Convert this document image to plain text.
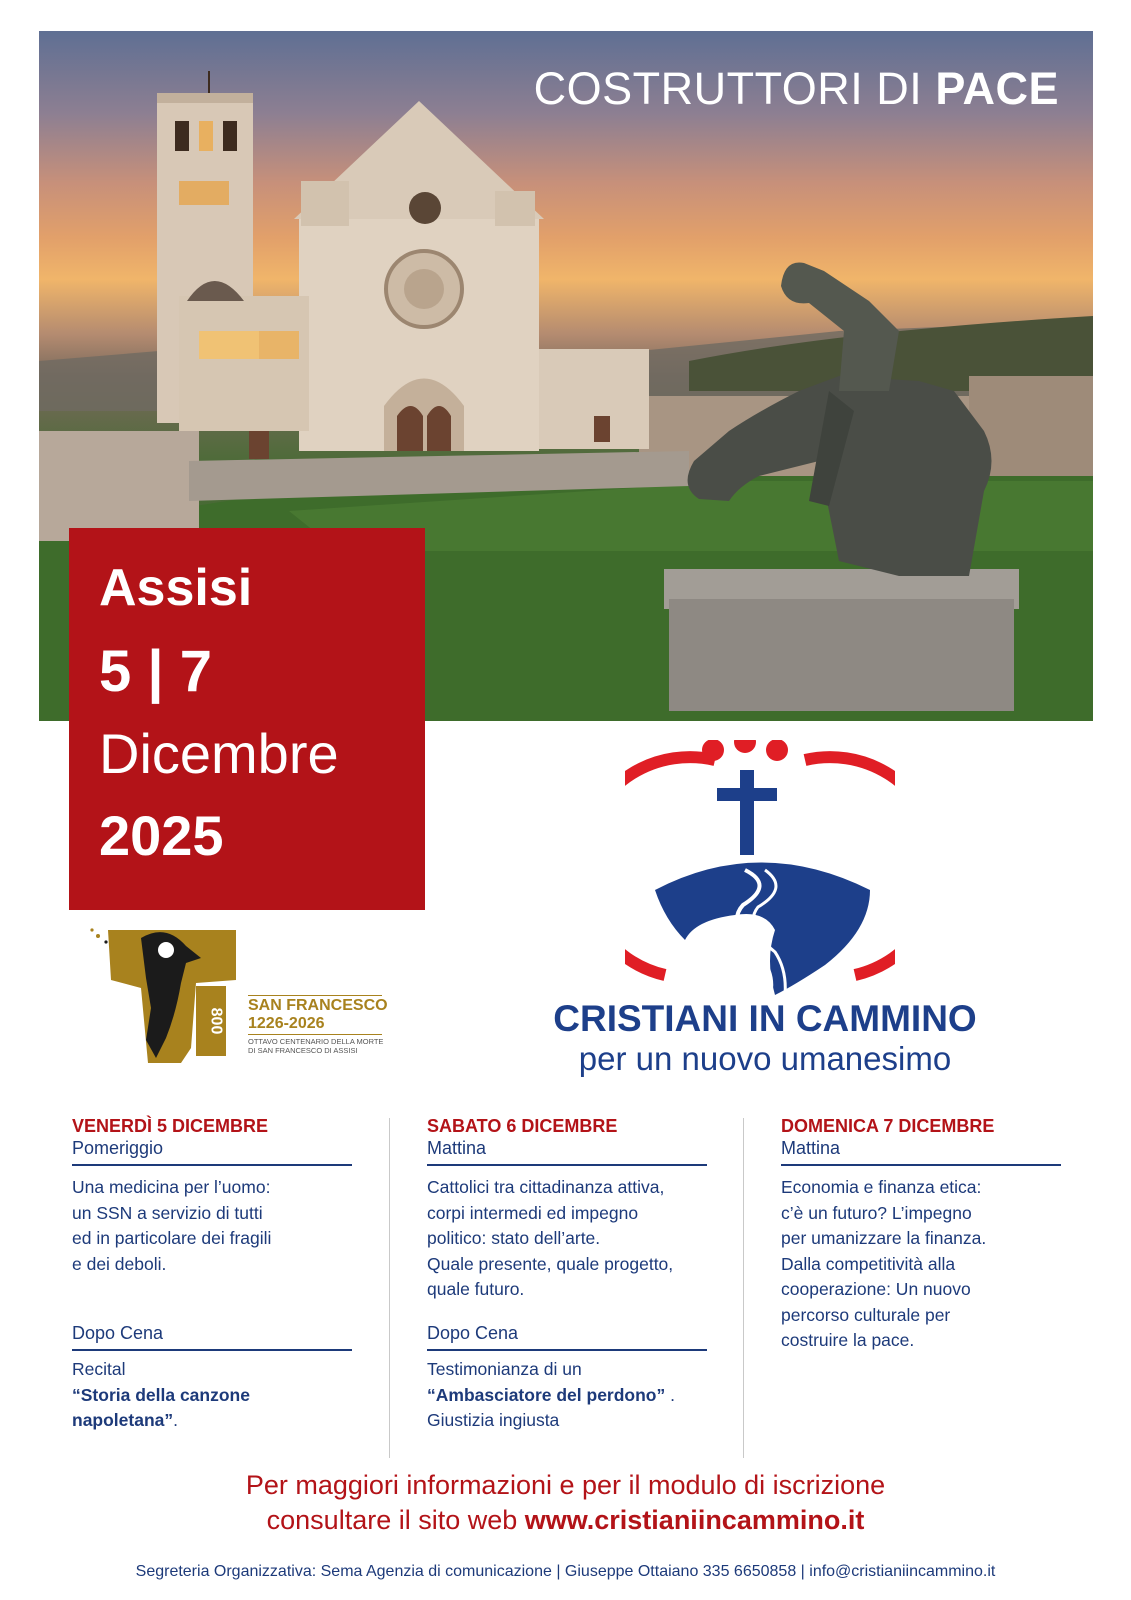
COSTRUTTORI DI PACE
Assisi
5 | 7
Dicembre
2025
CRISTIANI IN CAMMINO
per un nuovo umanesimo
SAN FRANCESCO
1226-2026
OTTAVO CENTENARIO DELLA MORTE
DI SAN FRANCESCO DI ASSISI
800
VENERDÌ 5 DICEMBRE
Pomeriggio
Una medicina per l’uomo:
un SSN a servizio di tutti
ed in particolare dei fragili
e dei deboli.
Dopo Cena
Recital
“Storia della canzone
napoletana”.
SABATO 6 DICEMBRE
Mattina
Cattolici tra cittadinanza attiva,
corpi intermedi ed impegno
politico: stato dell’arte.
Quale presente, quale progetto,
quale futuro.
Dopo Cena
Testimonianza di un
“Ambasciatore del perdono” .
Giustizia ingiusta
DOMENICA 7 DICEMBRE
Mattina
Economia e finanza etica:
c’è un futuro? L’impegno
per umanizzare la finanza.
Dalla competitività alla
cooperazione: Un nuovo
percorso culturale per
costruire la pace.
Per maggiori informazioni e per il modulo di iscrizione
consultare il sito web www.cristianiincammino.it
Segreteria Organizzativa: Sema Agenzia di comunicazione | Giuseppe Ottaiano 335 6650858 | info@cristianiincammino.it
